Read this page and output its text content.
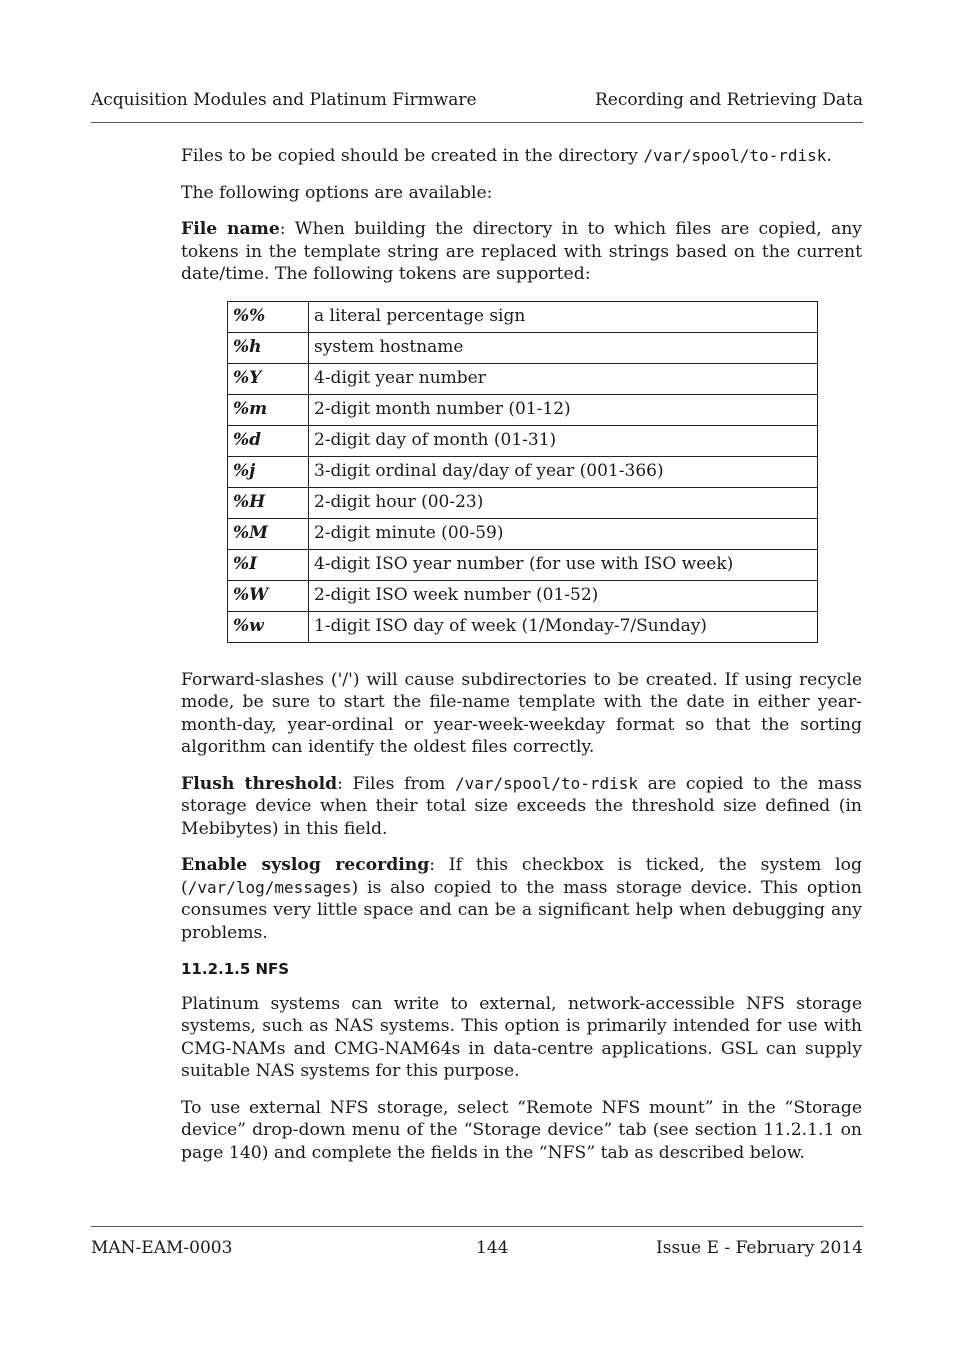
Acquisition Modules and Platinum Firmware	Recording and Retrieving Data

Files to be copied should be created in the directory /var/spool/to-rdisk.

The following options are available:

File name: When building the directory in to which files are copied, any tokens in the template string are replaced with strings based on the current date/time. The following tokens are supported:

%%	a literal percentage sign
%h	system hostname
%Y	4-digit year number
%m	2-digit month number (01-12)
%d	2-digit day of month (01-31)
%j	3-digit ordinal day/day of year (001-366)
%H	2-digit hour (00-23)
%M	2-digit minute (00-59)
%I	4-digit ISO year number (for use with ISO week)
%W	2-digit ISO week number (01-52)
%w	1-digit ISO day of week (1/Monday-7/Sunday)

Forward-slashes ('/') will cause subdirectories to be created. If using recycle mode, be sure to start the file-name template with the date in either year-month-day, year-ordinal or year-week-weekday format so that the sorting algorithm can identify the oldest files correctly.

Flush threshold: Files from /var/spool/to-rdisk are copied to the mass storage device when their total size exceeds the threshold size defined (in Mebibytes) in this field.

Enable syslog recording: If this checkbox is ticked, the system log (/var/log/messages) is also copied to the mass storage device. This option consumes very little space and can be a significant help when debugging any problems.

11.2.1.5 NFS

Platinum systems can write to external, network-accessible NFS storage systems, such as NAS systems. This option is primarily intended for use with CMG-NAMs and CMG-NAM64s in data-centre applications. GSL can supply suitable NAS systems for this purpose.

To use external NFS storage, select “Remote NFS mount” in the “Storage device” drop-down menu of the “Storage device” tab (see section 11.2.1.1 on page 140) and complete the fields in the “NFS” tab as described below.

MAN-EAM-0003	144	Issue E - February 2014
